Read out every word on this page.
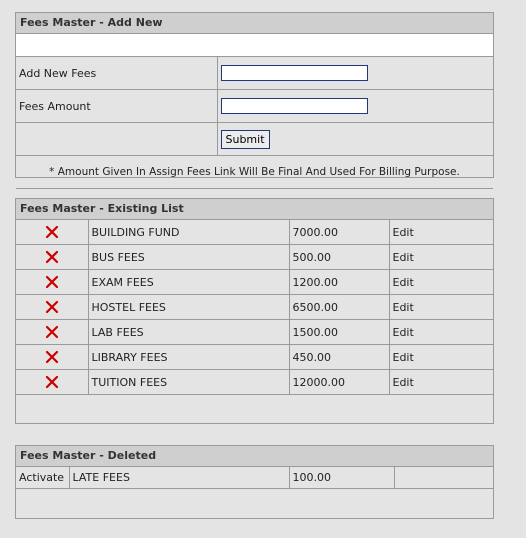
Fees Master - Add New
Add New Fees	
Fees Amount	
	Submit
* Amount Given In Assign Fees Link Will Be Final And Used For Billing Purpose.	
Fees Master - Existing List
	BUILDING FUND	7000.00	Edit

	BUS FEES	500.00	Edit

	EXAM FEES	1200.00	Edit

	HOSTEL FEES	6500.00	Edit

	LAB FEES	1500.00	Edit

	LIBRARY FEES	450.00	Edit

	TUITION FEES	12000.00	Edit
Fees Master - Deleted
Activate	LATE FEES	100.00	
